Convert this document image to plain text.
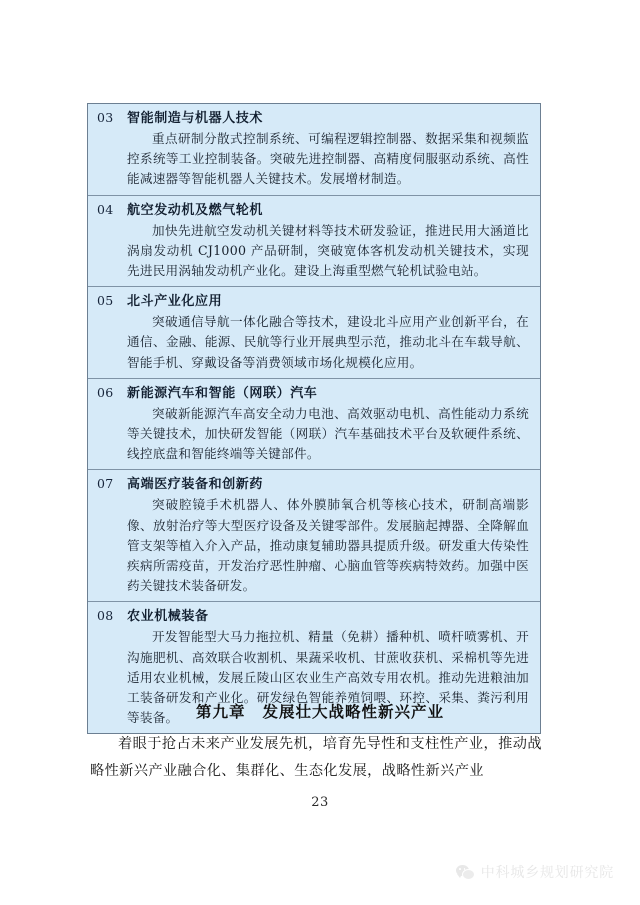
03	智能制造与机器人技术
重点研制分散式控制系统、可编程逻辑控制器、数据采集和视频监控系统等工业控制装备。突破先进控制器、高精度伺服驱动系统、高性能减速器等智能机器人关键技术。发展增材制造。
04	航空发动机及燃气轮机
加快先进航空发动机关键材料等技术研发验证，推进民用大涵道比涡扇发动机 CJ1000 产品研制，突破宽体客机发动机关键技术，实现先进民用涡轴发动机产业化。建设上海重型燃气轮机试验电站。
05	北斗产业化应用
突破通信导航一体化融合等技术，建设北斗应用产业创新平台，在通信、金融、能源、民航等行业开展典型示范，推动北斗在车载导航、智能手机、穿戴设备等消费领域市场化规模化应用。
06	新能源汽车和智能（网联）汽车
突破新能源汽车高安全动力电池、高效驱动电机、高性能动力系统等关键技术，加快研发智能（网联）汽车基础技术平台及软硬件系统、线控底盘和智能终端等关键部件。
07	高端医疗装备和创新药
突破腔镜手术机器人、体外膜肺氧合机等核心技术，研制高端影像、放射治疗等大型医疗设备及关键零部件。发展脑起搏器、全降解血管支架等植入介入产品，推动康复辅助器具提质升级。研发重大传染性疾病所需疫苗，开发治疗恶性肿瘤、心脑血管等疾病特效药。加强中医药关键技术装备研发。
08	农业机械装备
开发智能型大马力拖拉机、精量（免耕）播种机、喷杆喷雾机、开沟施肥机、高效联合收割机、果蔬采收机、甘蔗收获机、采棉机等先进适用农业机械，发展丘陵山区农业生产高效专用农机。推动先进粮油加工装备研发和产业化。研发绿色智能养殖饲喂、环控、采集、粪污利用等装备。	第九章 发展壮大战略性新兴产业
着眼于抢占未来产业发展先机，培育先导性和支柱性产业，推动战略性新兴产业融合化、集群化、生态化发展，战略性新兴产业
23
中科城乡规划研究院
